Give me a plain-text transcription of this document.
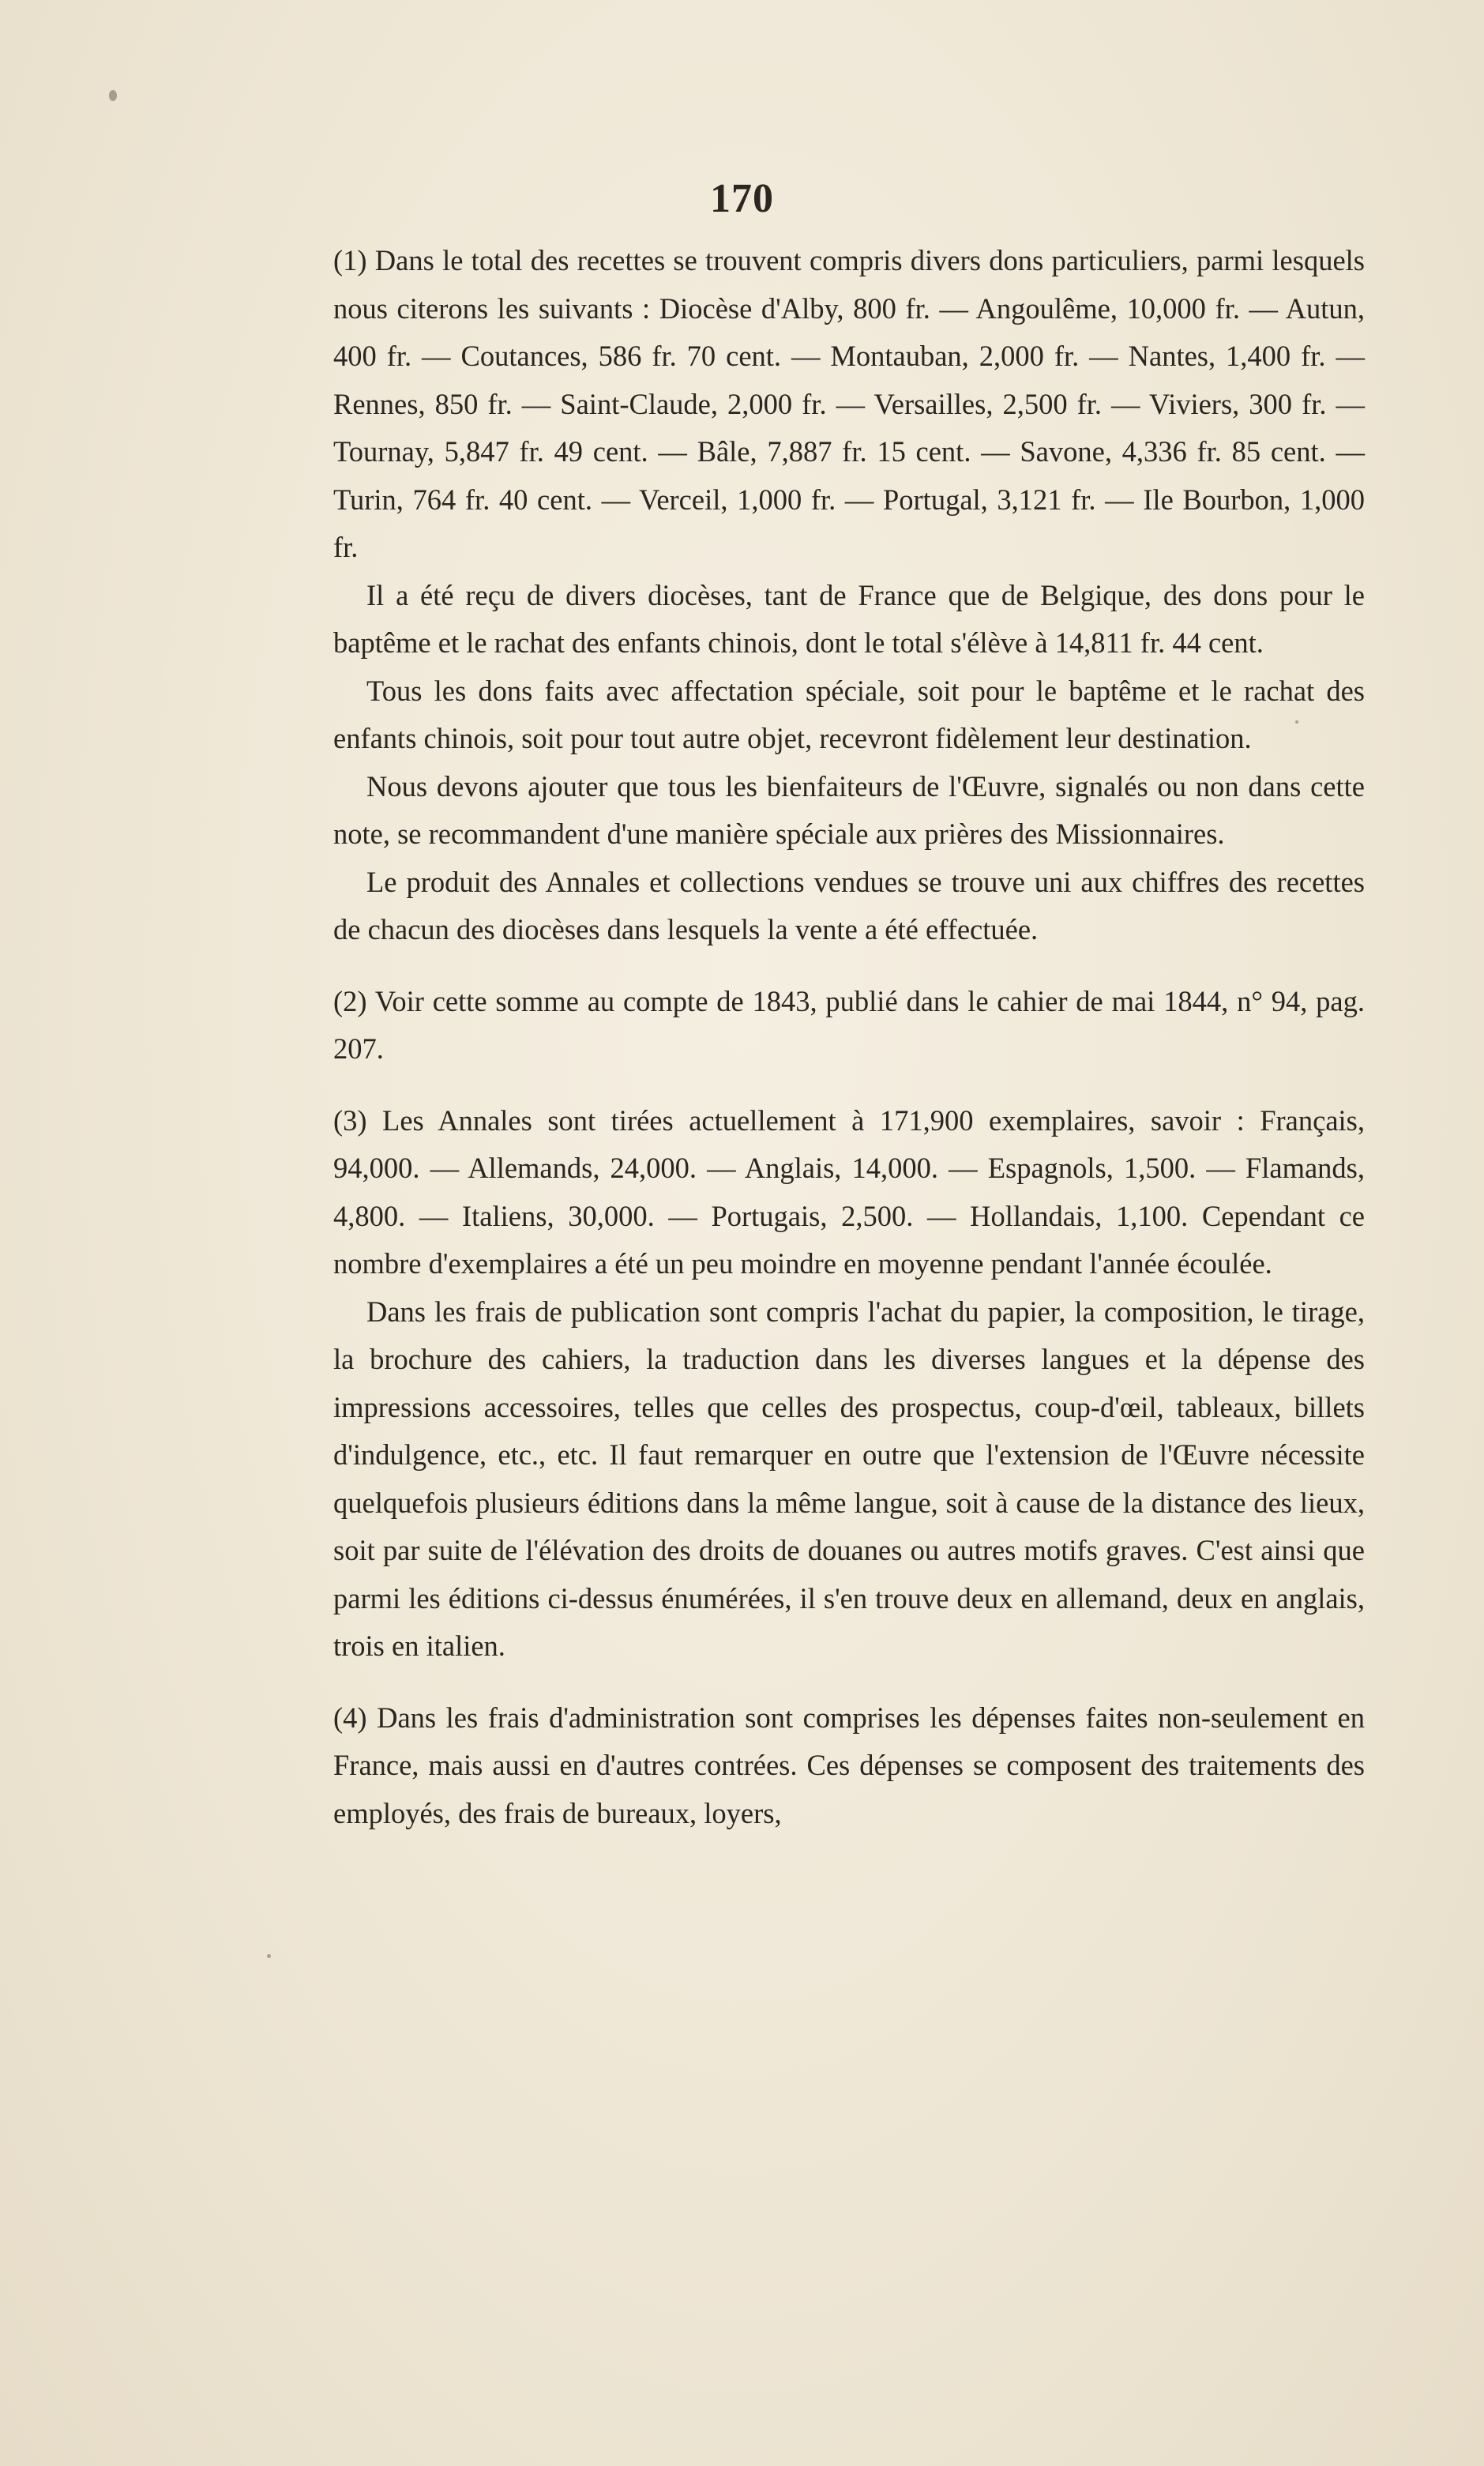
170

(1) Dans le total des recettes se trouvent compris divers dons particuliers, parmi lesquels nous citerons les suivants : Diocèse d'Alby, 800 fr. — Angoulême, 10,000 fr. — Autun, 400 fr. — Coutances, 586 fr. 70 cent. — Montauban, 2,000 fr. — Nantes, 1,400 fr. — Rennes, 850 fr. — Saint-Claude, 2,000 fr. — Versailles, 2,500 fr. — Viviers, 300 fr. — Tournay, 5,847 fr. 49 cent. — Bâle, 7,887 fr. 15 cent. — Savone, 4,336 fr. 85 cent. — Turin, 764 fr. 40 cent. — Verceil, 1,000 fr. — Portugal, 3,121 fr. — Ile Bourbon, 1,000 fr.

Il a été reçu de divers diocèses, tant de France que de Belgique, des dons pour le baptême et le rachat des enfants chinois, dont le total s'élève à 14,811 fr. 44 cent.

Tous les dons faits avec affectation spéciale, soit pour le baptême et le rachat des enfants chinois, soit pour tout autre objet, recevront fidèlement leur destination.

Nous devons ajouter que tous les bienfaiteurs de l'Œuvre, signalés ou non dans cette note, se recommandent d'une manière spéciale aux prières des Missionnaires.

Le produit des Annales et collections vendues se trouve uni aux chiffres des recettes de chacun des diocèses dans lesquels la vente a été effectuée.

(2) Voir cette somme au compte de 1843, publié dans le cahier de mai 1844, n° 94, pag. 207.

(3) Les Annales sont tirées actuellement à 171,900 exemplaires, savoir : Français, 94,000. — Allemands, 24,000. — Anglais, 14,000. — Espagnols, 1,500. — Flamands, 4,800. — Italiens, 30,000. — Portugais, 2,500. — Hollandais, 1,100. Cependant ce nombre d'exemplaires a été un peu moindre en moyenne pendant l'année écoulée.

Dans les frais de publication sont compris l'achat du papier, la composition, le tirage, la brochure des cahiers, la traduction dans les diverses langues et la dépense des impressions accessoires, telles que celles des prospectus, coup-d'œil, tableaux, billets d'indulgence, etc., etc. Il faut remarquer en outre que l'extension de l'Œuvre nécessite quelquefois plusieurs éditions dans la même langue, soit à cause de la distance des lieux, soit par suite de l'élévation des droits de douanes ou autres motifs graves. C'est ainsi que parmi les éditions ci-dessus énumérées, il s'en trouve deux en allemand, deux en anglais, trois en italien.

(4) Dans les frais d'administration sont comprises les dépenses faites non-seulement en France, mais aussi en d'autres contrées. Ces dépenses se composent des traitements des employés, des frais de bureaux, loyers,
